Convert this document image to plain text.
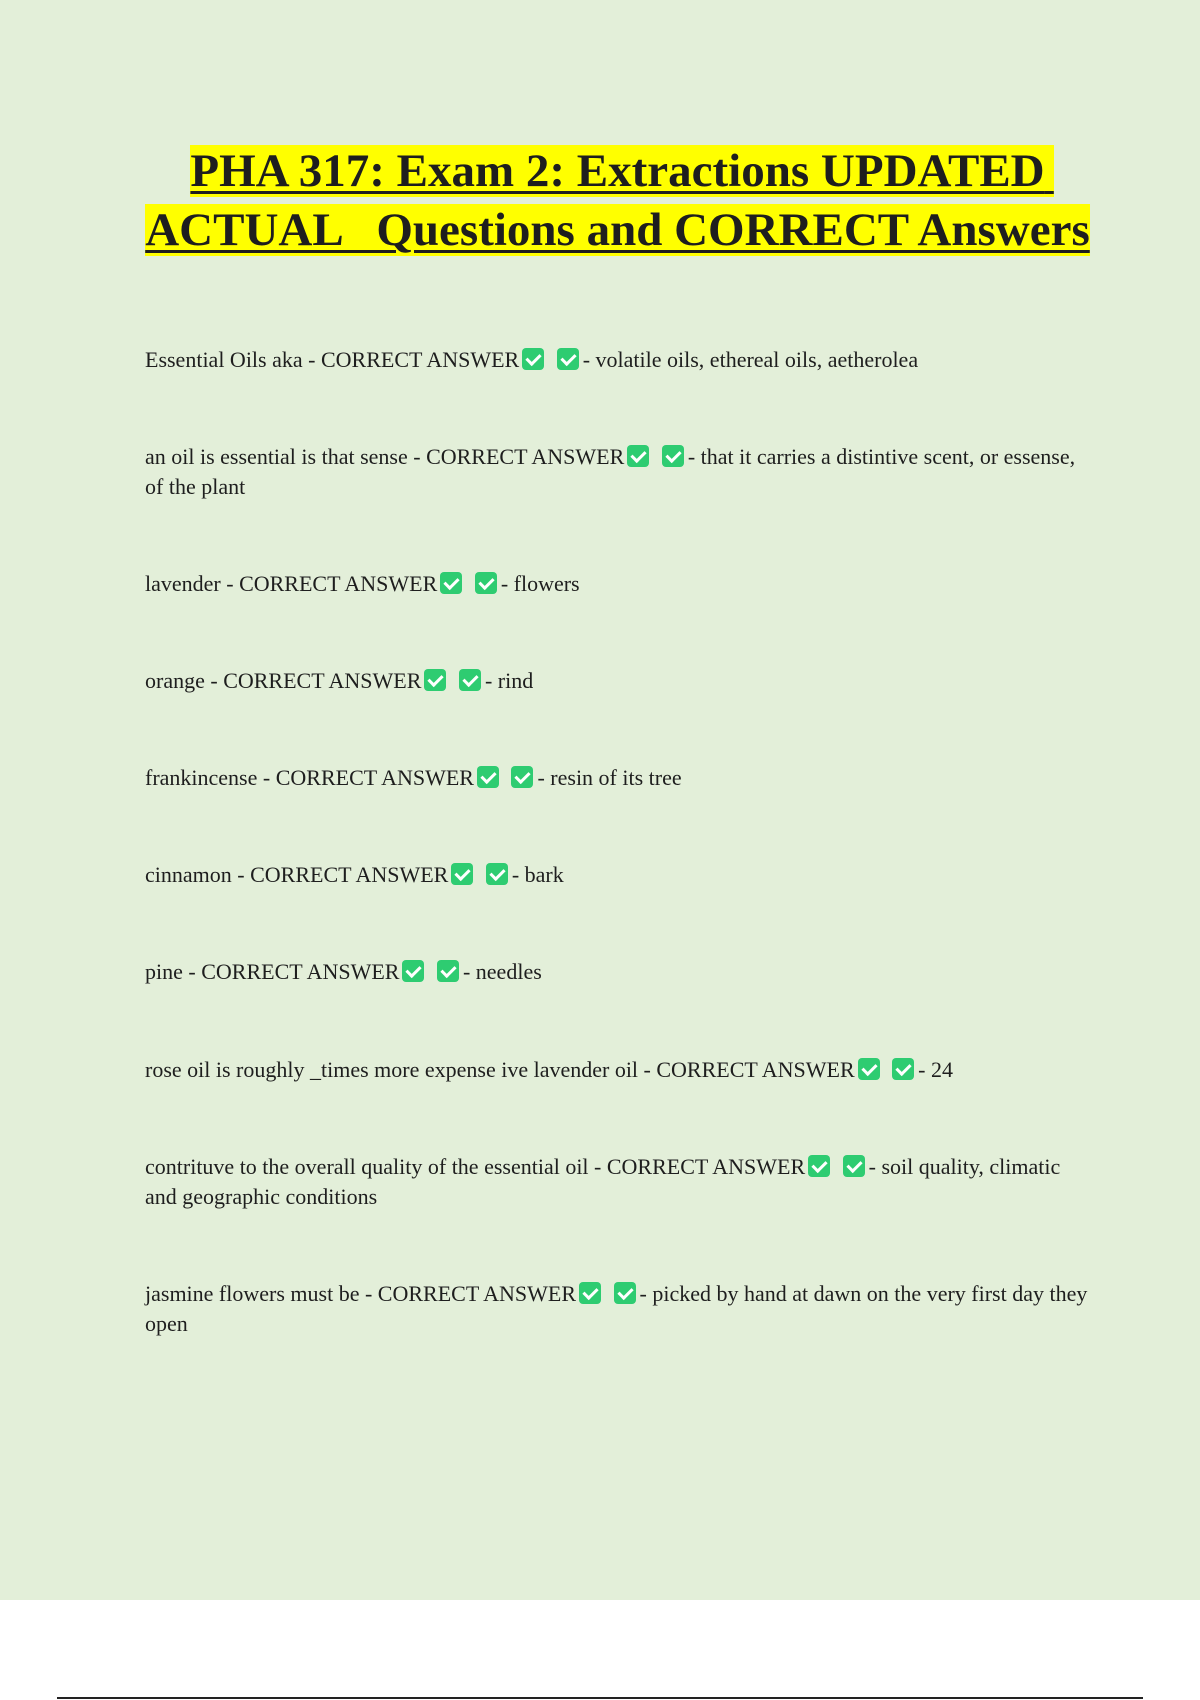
PHA 317: Exam 2: Extractions UPDATED ACTUAL   Questions and CORRECT Answers

Essential Oils aka - CORRECT ANSWER	- volatile oils, ethereal oils, aetherolea

an oil is essential is that sense - CORRECT ANSWER	- that it carries a distintive scent, or essense, of the plant

lavender - CORRECT ANSWER	- flowers

orange - CORRECT ANSWER	- rind

frankincense - CORRECT ANSWER	- resin of its tree

cinnamon - CORRECT ANSWER	- bark

pine - CORRECT ANSWER	- needles

rose oil is roughly _times more expense ive lavender oil - CORRECT ANSWER	- 24

contrituve to the overall quality of the essential oil - CORRECT ANSWER	- soil quality, climatic and geographic conditions

jasmine flowers must be - CORRECT ANSWER	- picked by hand at dawn on the very first day they open
